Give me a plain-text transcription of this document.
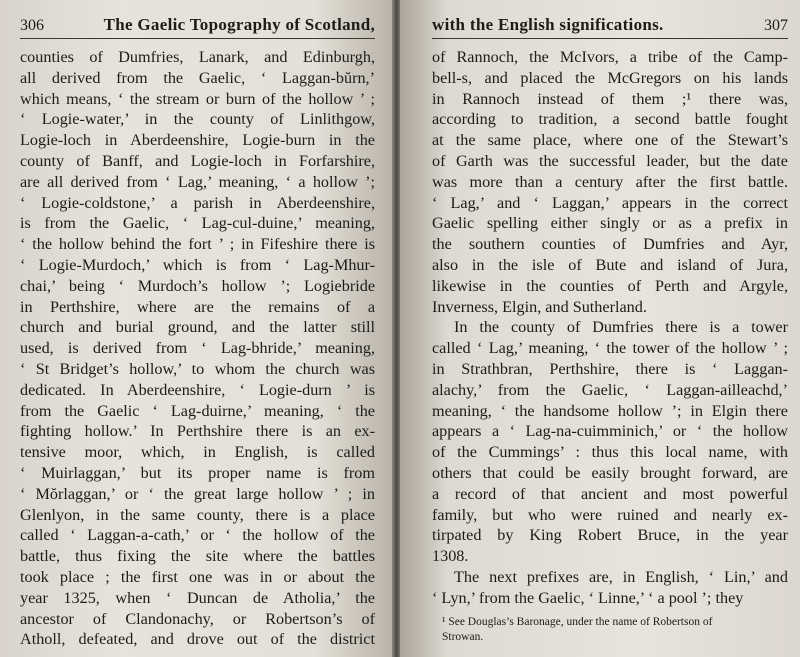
306	The Gaelic Topography of Scotland,
counties of Dumfries, Lanark, and Edinburgh,
all derived from the Gaelic, ‘ Laggan-bŭrn,’
which means, ‘ the stream or burn of the hollow ’ ;
‘ Logie-water,’ in the county of Linlithgow,
Logie-loch in Aberdeenshire, Logie-burn in the
county of Banff, and Logie-loch in Forfarshire,
are all derived from ‘ Lag,’ meaning, ‘ a hollow ’;
‘ Logie-coldstone,’ a parish in Aberdeenshire,
is from the Gaelic, ‘ Lag-cul-duine,’ meaning,
‘ the hollow behind the fort ’ ; in Fifeshire there is
‘ Logie-Murdoch,’ which is from ‘ Lag-Mhur-
chai,’ being ‘ Murdoch’s hollow ’; Logiebride
in Perthshire, where are the remains of a
church and burial ground, and the latter still
used, is derived from ‘ Lag-bhride,’ meaning,
‘ St Bridget’s hollow,’ to whom the church was
dedicated. In Aberdeenshire, ‘ Logie-durn ’ is
from the Gaelic ‘ Lag-duirne,’ meaning, ‘ the
fighting hollow.’ In Perthshire there is an ex-
tensive moor, which, in English, is called
‘ Muirlaggan,’ but its proper name is from
‘ Mŏrlaggan,’ or ‘ the great large hollow ’ ; in
Glenlyon, in the same county, there is a place
called ‘ Laggan-a-cath,’ or ‘ the hollow of the
battle, thus fixing the site where the battles
took place ; the first one was in or about the
year 1325, when ‘ Duncan de Atholia,’ the
ancestor of Clandonachy, or Robertson’s of
Atholl, defeated, and drove out of the district
with the English significations.	307
of Rannoch, the McIvors, a tribe of the Camp-
bell-s, and placed the McGregors on his lands
in Rannoch instead of them ;¹ there was,
according to tradition, a second battle fought
at the same place, where one of the Stewart’s
of Garth was the successful leader, but the date
was more than a century after the first battle.
‘ Lag,’ and ‘ Laggan,’ appears in the correct
Gaelic spelling either singly or as a prefix in
the southern counties of Dumfries and Ayr,
also in the isle of Bute and island of Jura,
likewise in the counties of Perth and Argyle,
Inverness, Elgin, and Sutherland.
In the county of Dumfries there is a tower
called ‘ Lag,’ meaning, ‘ the tower of the hollow ’ ;
in Strathbran, Perthshire, there is ‘ Laggan-
alachy,’ from the Gaelic, ‘ Laggan-ailleachd,’
meaning, ‘ the handsome hollow ’; in Elgin there
appears a ‘ Lag-na-cuimminich,’ or ‘ the hollow
of the Cummings’ : thus this local name, with
others that could be easily brought forward, are
a record of that ancient and most powerful
family, but who were ruined and nearly ex-
tirpated by King Robert Bruce, in the year
1308.
The next prefixes are, in English, ‘ Lin,’ and
‘ Lyn,’ from the Gaelic, ‘ Linne,’ ‘ a pool ’; they
¹ See Douglas’s Baronage, under the name of Robertson of
Strowan.
